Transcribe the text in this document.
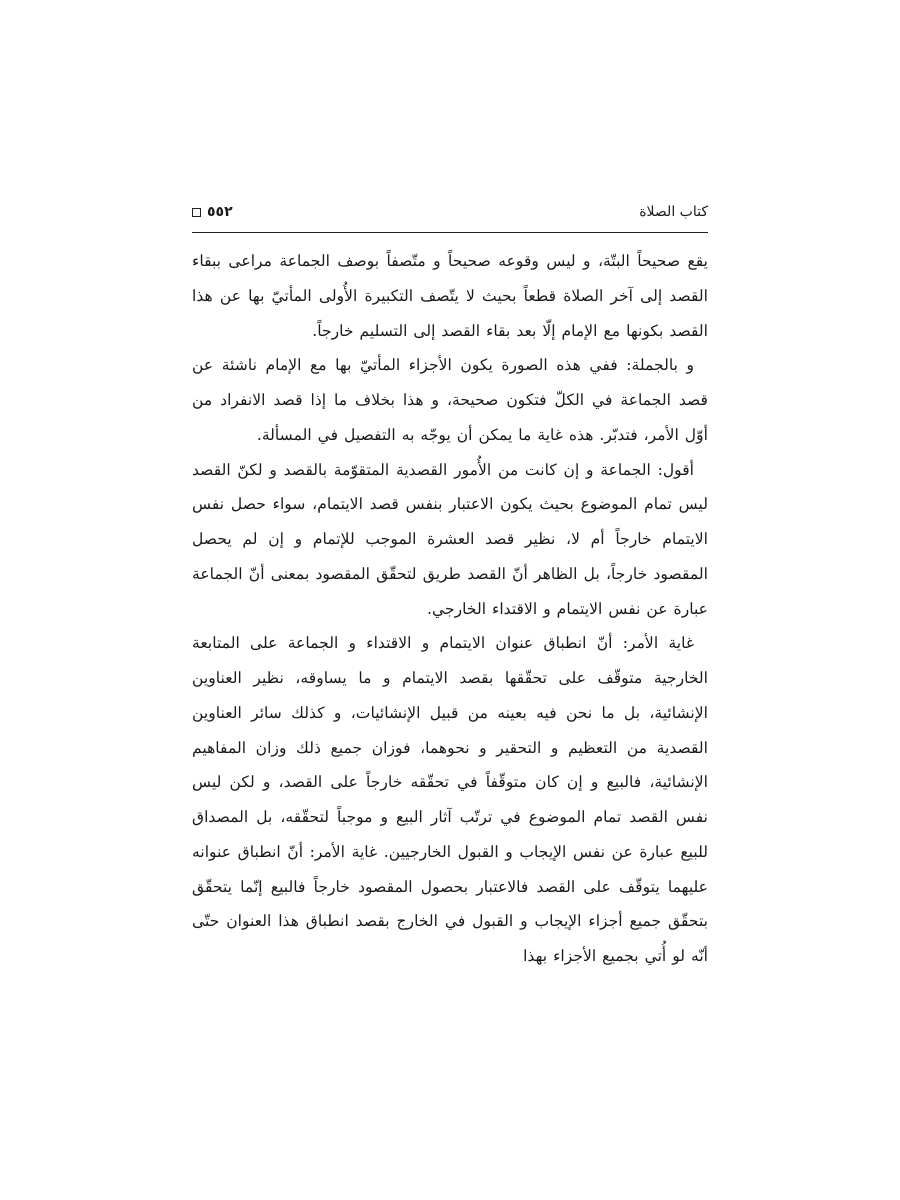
٥٥٢	كتاب الصلاة

يقع صحيحاً البتّة، و ليس وقوعه صحيحاً و متّصفاً بوصف الجماعة مراعى ببقاء القصد إلى آخر الصلاة قطعاً بحيث لا يتّصف التكبيرة الأُولى المأتيّ بها عن هذا القصد بكونها مع الإمام إلّا بعد بقاء القصد إلى التسليم خارجاً.

و بالجملة: ففي هذه الصورة يكون الأجزاء المأتيّ بها مع الإمام ناشئة عن قصد الجماعة في الكلّ فتكون صحيحة، و هذا بخلاف ما إذا قصد الانفراد من أوّل الأمر، فتدبّر. هذه غاية ما يمكن أن يوجّه به التفصيل في المسألة.

أقول: الجماعة و إن كانت من الأُمور القصدية المتقوّمة بالقصد و لكنّ القصد ليس تمام الموضوع بحيث يكون الاعتبار بنفس قصد الايتمام، سواء حصل نفس الايتمام خارجاً أم لا، نظير قصد العشرة الموجب للإتمام و إن لم يحصل المقصود خارجاً، بل الظاهر أنّ القصد طريق لتحقّق المقصود بمعنى أنّ الجماعة عبارة عن نفس الايتمام و الاقتداء الخارجي.

غاية الأمر: أنّ انطباق عنوان الايتمام و الاقتداء و الجماعة على المتابعة الخارجية متوقّف على تحقّقها بقصد الايتمام و ما يساوقه، نظير العناوين الإنشائية، بل ما نحن فيه بعينه من قبيل الإنشائيات، و كذلك سائر العناوين القصدية من التعظيم و التحقير و نحوهما، فوزان جميع ذلك وزان المفاهيم الإنشائية، فالبيع و إن كان متوقّفاً في تحقّقه خارجاً على القصد، و لكن ليس نفس القصد تمام الموضوع في ترتّب آثار البيع و موجباً لتحقّقه، بل المصداق للبيع عبارة عن نفس الإيجاب و القبول الخارجيين. غاية الأمر: أنّ انطباق عنوانه عليهما يتوقّف على القصد فالاعتبار بحصول المقصود خارجاً فالبيع إنّما يتحقّق بتحقّق جميع أجزاء الإيجاب و القبول في الخارج بقصد انطباق هذا العنوان حتّى أنّه لو أُتي بجميع الأجزاء بهذا
